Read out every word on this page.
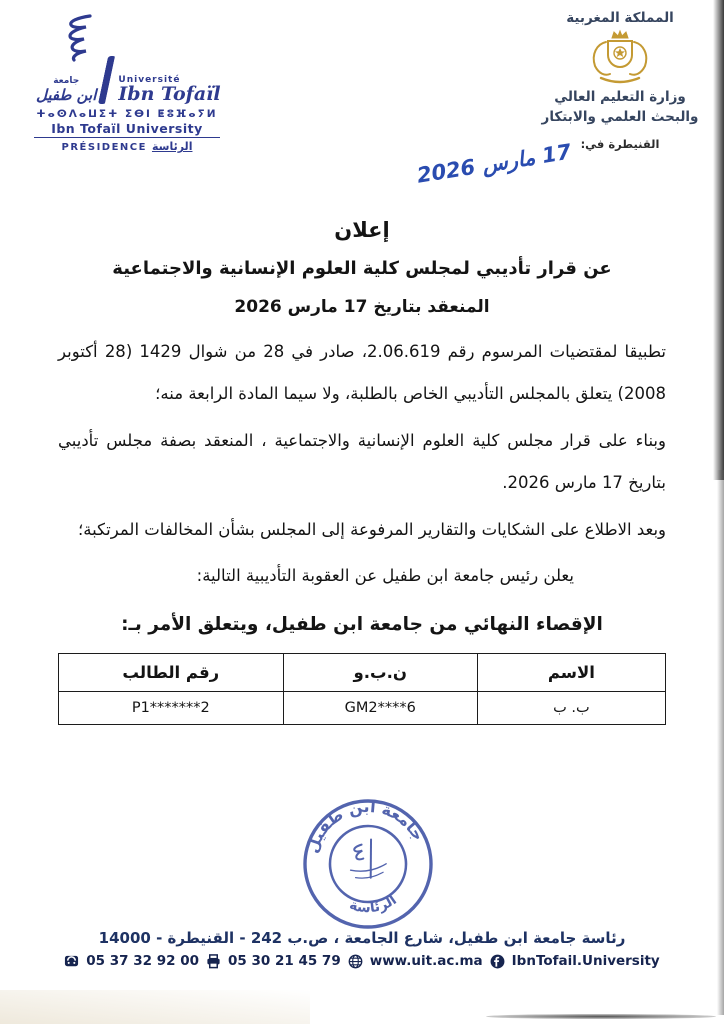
جامعة
ابن طفيل
Université
Ibn Tofaïl
ⵜⴰⵙⴷⴰⵡⵉⵜ ⵉⴱⵏ ⵟⵓⴼⴰⵢⵍ
Ibn Tofaïl University
PRÉSIDENCE الرئاسة
المملكة المغربية
وزارة التعليم العالي
والبحث العلمي والابتكار
القنيطرة في:
17 مارس 2026
إعلان
عن قرار تأديبي لمجلس كلية العلوم الإنسانية والاجتماعية
المنعقد بتاريخ 17 مارس 2026

تطبيقا لمقتضيات المرسوم رقم 2.06.619، صادر في 28 من شوال 1429 (28 أكتوبر 2008) يتعلق بالمجلس التأديبي الخاص بالطلبة، ولا سيما المادة الرابعة منه؛

وبناء على قرار مجلس كلية العلوم الإنسانية والاجتماعية ، المنعقد بصفة مجلس تأديبي بتاريخ 17 مارس 2026.

وبعد الاطلاع على الشكايات والتقارير المرفوعة إلى المجلس بشأن المخالفات المرتكبة؛

يعلن رئيس جامعة ابن طفيل عن العقوبة التأديبية التالية:

الإقصاء النهائي من جامعة ابن طفيل، ويتعلق الأمر بـ:

الاسم	ن.ب.و	رقم الطالب
ب. ب	GM2****6	P1*******2
جامعة ابن طفيل
الرئاسة
رئاسة جامعة ابن طفيل، شارع الجامعة ، ص.ب 242 - القنيطرة - 14000
05 37 32 92 00 05 30 21 45 79 www.uit.ac.ma IbnTofail.University
